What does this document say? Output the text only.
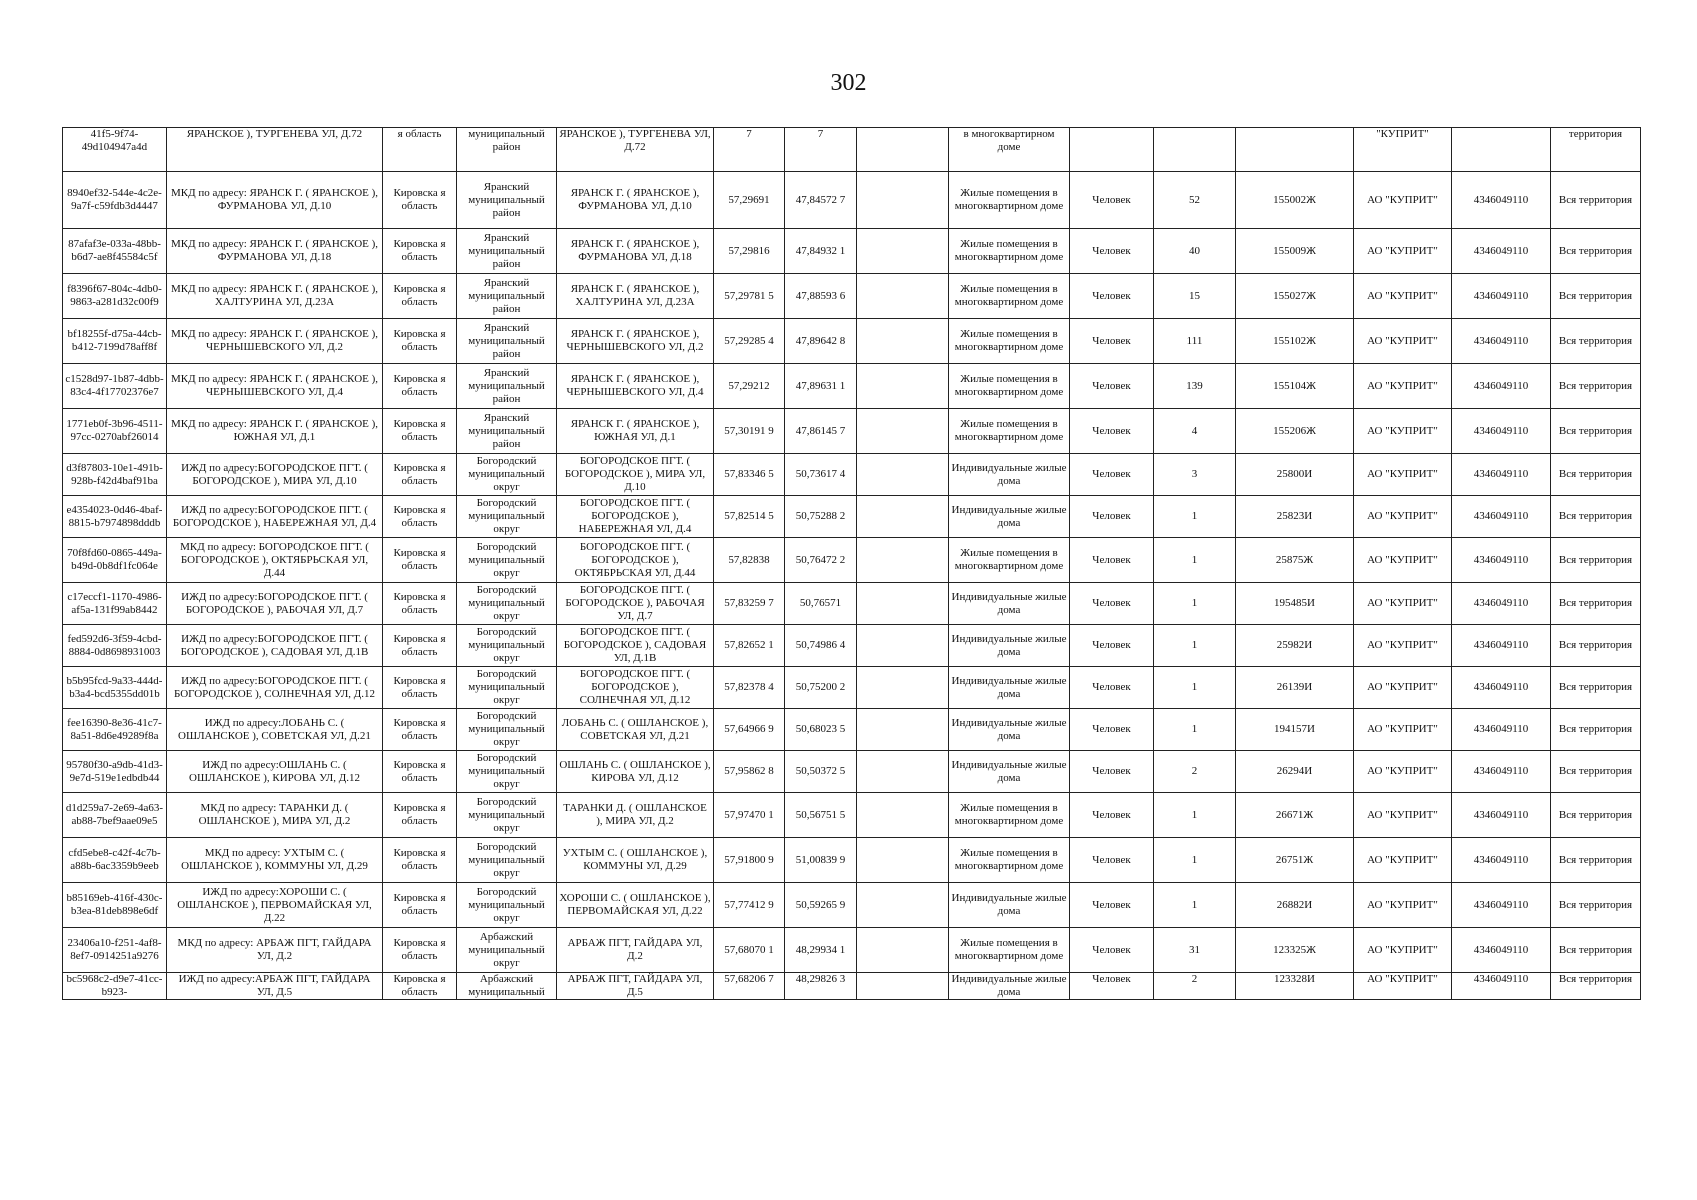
302
41f5-9f74-49d104947a4d	ЯРАНСКОЕ ), ТУРГЕНЕВА УЛ, Д.72	я область	муниципальный район	ЯРАНСКОЕ ), ТУРГЕНЕВА УЛ, Д.72	7	7		в многоквартирном доме				"КУПРИТ"		территория
8940ef32-544e-4c2e-9a7f-c59fdb3d4447	МКД по адресу: ЯРАНСК Г. ( ЯРАНСКОЕ ), ФУРМАНОВА УЛ, Д.10	Кировска я область	Яранский муниципальный район	ЯРАНСК Г. ( ЯРАНСКОЕ ), ФУРМАНОВА УЛ, Д.10	57,29691	47,84572 7		Жилые помещения в многоквартирном доме	Человек	52	155002Ж	АО "КУПРИТ"	4346049110	Вся территория
87afaf3e-033a-48bb-b6d7-ae8f45584c5f	МКД по адресу: ЯРАНСК Г. ( ЯРАНСКОЕ ), ФУРМАНОВА УЛ, Д.18	Кировска я область	Яранский муниципальный район	ЯРАНСК Г. ( ЯРАНСКОЕ ), ФУРМАНОВА УЛ, Д.18	57,29816	47,84932 1		Жилые помещения в многоквартирном доме	Человек	40	155009Ж	АО "КУПРИТ"	4346049110	Вся территория
f8396f67-804c-4db0-9863-a281d32c00f9	МКД по адресу: ЯРАНСК Г. ( ЯРАНСКОЕ ), ХАЛТУРИНА УЛ, Д.23А	Кировска я область	Яранский муниципальный район	ЯРАНСК Г. ( ЯРАНСКОЕ ), ХАЛТУРИНА УЛ, Д.23А	57,29781 5	47,88593 6		Жилые помещения в многоквартирном доме	Человек	15	155027Ж	АО "КУПРИТ"	4346049110	Вся территория
bf18255f-d75a-44cb-b412-7199d78aff8f	МКД по адресу: ЯРАНСК Г. ( ЯРАНСКОЕ ), ЧЕРНЫШЕВСКОГО УЛ, Д.2	Кировска я область	Яранский муниципальный район	ЯРАНСК Г. ( ЯРАНСКОЕ ), ЧЕРНЫШЕВСКОГО УЛ, Д.2	57,29285 4	47,89642 8		Жилые помещения в многоквартирном доме	Человек	111	155102Ж	АО "КУПРИТ"	4346049110	Вся территория
c1528d97-1b87-4dbb-83c4-4f17702376e7	МКД по адресу: ЯРАНСК Г. ( ЯРАНСКОЕ ), ЧЕРНЫШЕВСКОГО УЛ, Д.4	Кировска я область	Яранский муниципальный район	ЯРАНСК Г. ( ЯРАНСКОЕ ), ЧЕРНЫШЕВСКОГО УЛ, Д.4	57,29212	47,89631 1		Жилые помещения в многоквартирном доме	Человек	139	155104Ж	АО "КУПРИТ"	4346049110	Вся территория
1771eb0f-3b96-4511-97cc-0270abf26014	МКД по адресу: ЯРАНСК Г. ( ЯРАНСКОЕ ), ЮЖНАЯ УЛ, Д.1	Кировска я область	Яранский муниципальный район	ЯРАНСК Г. ( ЯРАНСКОЕ ), ЮЖНАЯ УЛ, Д.1	57,30191 9	47,86145 7		Жилые помещения в многоквартирном доме	Человек	4	155206Ж	АО "КУПРИТ"	4346049110	Вся территория
d3f87803-10e1-491b-928b-f42d4baf91ba	ИЖД по адресу:БОГОРОДСКОЕ ПГТ. ( БОГОРОДСКОЕ ), МИРА УЛ, Д.10	Кировска я область	Богородский муниципальный округ	БОГОРОДСКОЕ ПГТ. ( БОГОРОДСКОЕ ), МИРА УЛ, Д.10	57,83346 5	50,73617 4		Индивидуальные жилые дома	Человек	3	25800И	АО "КУПРИТ"	4346049110	Вся территория
e4354023-0d46-4baf-8815-b7974898dddb	ИЖД по адресу:БОГОРОДСКОЕ ПГТ. ( БОГОРОДСКОЕ ), НАБЕРЕЖНАЯ УЛ, Д.4	Кировска я область	Богородский муниципальный округ	БОГОРОДСКОЕ ПГТ. ( БОГОРОДСКОЕ ), НАБЕРЕЖНАЯ УЛ, Д.4	57,82514 5	50,75288 2		Индивидуальные жилые дома	Человек	1	25823И	АО "КУПРИТ"	4346049110	Вся территория
70f8fd60-0865-449a-b49d-0b8df1fc064e	МКД по адресу: БОГОРОДСКОЕ ПГТ. ( БОГОРОДСКОЕ ), ОКТЯБРЬСКАЯ УЛ, Д.44	Кировска я область	Богородский муниципальный округ	БОГОРОДСКОЕ ПГТ. ( БОГОРОДСКОЕ ), ОКТЯБРЬСКАЯ УЛ, Д.44	57,82838	50,76472 2		Жилые помещения в многоквартирном доме	Человек	1	25875Ж	АО "КУПРИТ"	4346049110	Вся территория
c17eccf1-1170-4986-af5a-131f99ab8442	ИЖД по адресу:БОГОРОДСКОЕ ПГТ. ( БОГОРОДСКОЕ ), РАБОЧАЯ УЛ, Д.7	Кировска я область	Богородский муниципальный округ	БОГОРОДСКОЕ ПГТ. ( БОГОРОДСКОЕ ), РАБОЧАЯ УЛ, Д.7	57,83259 7	50,76571		Индивидуальные жилые дома	Человек	1	195485И	АО "КУПРИТ"	4346049110	Вся территория
fed592d6-3f59-4cbd-8884-0d8698931003	ИЖД по адресу:БОГОРОДСКОЕ ПГТ. ( БОГОРОДСКОЕ ), САДОВАЯ УЛ, Д.1В	Кировска я область	Богородский муниципальный округ	БОГОРОДСКОЕ ПГТ. ( БОГОРОДСКОЕ ), САДОВАЯ УЛ, Д.1В	57,82652 1	50,74986 4		Индивидуальные жилые дома	Человек	1	25982И	АО "КУПРИТ"	4346049110	Вся территория
b5b95fcd-9a33-444d-b3a4-bcd5355dd01b	ИЖД по адресу:БОГОРОДСКОЕ ПГТ. ( БОГОРОДСКОЕ ), СОЛНЕЧНАЯ УЛ, Д.12	Кировска я область	Богородский муниципальный округ	БОГОРОДСКОЕ ПГТ. ( БОГОРОДСКОЕ ), СОЛНЕЧНАЯ УЛ, Д.12	57,82378 4	50,75200 2		Индивидуальные жилые дома	Человек	1	26139И	АО "КУПРИТ"	4346049110	Вся территория
fee16390-8e36-41c7-8a51-8d6e49289f8a	ИЖД по адресу:ЛОБАНЬ С. ( ОШЛАНСКОЕ ), СОВЕТСКАЯ УЛ, Д.21	Кировска я область	Богородский муниципальный округ	ЛОБАНЬ С. ( ОШЛАНСКОЕ ), СОВЕТСКАЯ УЛ, Д.21	57,64966 9	50,68023 5		Индивидуальные жилые дома	Человек	1	194157И	АО "КУПРИТ"	4346049110	Вся территория
95780f30-a9db-41d3-9e7d-519e1edbdb44	ИЖД по адресу:ОШЛАНЬ С. ( ОШЛАНСКОЕ ), КИРОВА УЛ, Д.12	Кировска я область	Богородский муниципальный округ	ОШЛАНЬ С. ( ОШЛАНСКОЕ ), КИРОВА УЛ, Д.12	57,95862 8	50,50372 5		Индивидуальные жилые дома	Человек	2	26294И	АО "КУПРИТ"	4346049110	Вся территория
d1d259a7-2e69-4a63-ab88-7bef9aae09e5	МКД по адресу: ТАРАНКИ Д. ( ОШЛАНСКОЕ ), МИРА УЛ, Д.2	Кировска я область	Богородский муниципальный округ	ТАРАНКИ Д. ( ОШЛАНСКОЕ ), МИРА УЛ, Д.2	57,97470 1	50,56751 5		Жилые помещения в многоквартирном доме	Человек	1	26671Ж	АО "КУПРИТ"	4346049110	Вся территория
cfd5ebe8-c42f-4c7b-a88b-6ac3359b9eeb	МКД по адресу: УХТЫМ С. ( ОШЛАНСКОЕ ), КОММУНЫ УЛ, Д.29	Кировска я область	Богородский муниципальный округ	УХТЫМ С. ( ОШЛАНСКОЕ ), КОММУНЫ УЛ, Д.29	57,91800 9	51,00839 9		Жилые помещения в многоквартирном доме	Человек	1	26751Ж	АО "КУПРИТ"	4346049110	Вся территория
b85169eb-416f-430c-b3ea-81deb898e6df	ИЖД по адресу:ХОРОШИ С. ( ОШЛАНСКОЕ ), ПЕРВОМАЙСКАЯ УЛ, Д.22	Кировска я область	Богородский муниципальный округ	ХОРОШИ С. ( ОШЛАНСКОЕ ), ПЕРВОМАЙСКАЯ УЛ, Д.22	57,77412 9	50,59265 9		Индивидуальные жилые дома	Человек	1	26882И	АО "КУПРИТ"	4346049110	Вся территория
23406a10-f251-4af8-8ef7-0914251a9276	МКД по адресу: АРБАЖ ПГТ, ГАЙДАРА УЛ, Д.2	Кировска я область	Арбажский муниципальный округ	АРБАЖ ПГТ, ГАЙДАРА УЛ, Д.2	57,68070 1	48,29934 1		Жилые помещения в многоквартирном доме	Человек	31	123325Ж	АО "КУПРИТ"	4346049110	Вся территория
bc5968c2-d9e7-41cc-b923-	ИЖД по адресу:АРБАЖ ПГТ, ГАЙДАРА УЛ, Д.5	Кировска я область	Арбажский муниципальный	АРБАЖ ПГТ, ГАЙДАРА УЛ, Д.5	57,68206 7	48,29826 3		Индивидуальные жилые дома	Человек	2	123328И	АО "КУПРИТ"	4346049110	Вся территория
